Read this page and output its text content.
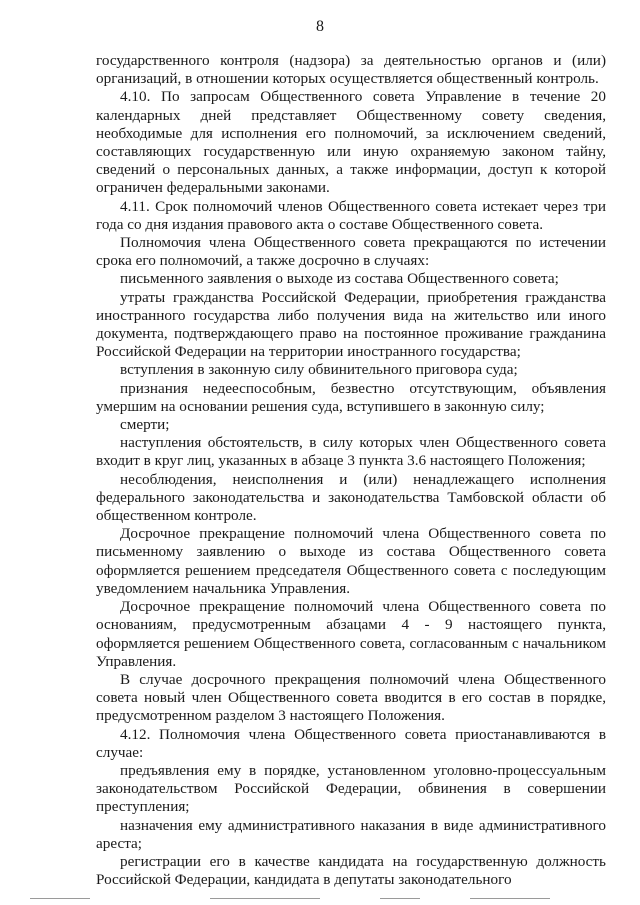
8

государственного контроля (надзора) за деятельностью органов и (или) организаций, в отношении которых осуществляется общественный контроль.

4.10. По запросам Общественного совета Управление в течение 20 календарных дней представляет Общественному совету сведения, необходимые для исполнения его полномочий, за исключением сведений, составляющих государственную или иную охраняемую законом тайну, сведений о персональных данных, а также информации, доступ к которой ограничен федеральными законами.

4.11. Срок полномочий членов Общественного совета истекает через три года со дня издания правового акта о составе Общественного совета.

Полномочия члена Общественного совета прекращаются по истечении срока его полномочий, а также досрочно в случаях:

письменного заявления о выходе из состава Общественного совета;

утраты гражданства Российской Федерации, приобретения гражданства иностранного государства либо получения вида на жительство или иного документа, подтверждающего право на постоянное проживание гражданина Российской Федерации на территории иностранного государства;

вступления в законную силу обвинительного приговора суда;

признания недееспособным, безвестно отсутствующим, объявления умершим на основании решения суда, вступившего в законную силу;

смерти;

наступления обстоятельств, в силу которых член Общественного совета входит в круг лиц, указанных в абзаце 3 пункта 3.6 настоящего Положения;

несоблюдения, неисполнения и (или) ненадлежащего исполнения федерального законодательства и законодательства Тамбовской области об общественном контроле.

Досрочное прекращение полномочий члена Общественного совета по письменному заявлению о выходе из состава Общественного совета оформляется решением председателя Общественного совета с последующим уведомлением начальника Управления.

Досрочное прекращение полномочий члена Общественного совета по основаниям, предусмотренным абзацами 4 - 9 настоящего пункта, оформляется решением Общественного совета, согласованным с начальником Управления.

В случае досрочного прекращения полномочий члена Общественного совета новый член Общественного совета вводится в его состав в порядке, предусмотренном разделом 3 настоящего Положения.

4.12. Полномочия члена Общественного совета приостанавливаются в случае:

предъявления ему в порядке, установленном уголовно-процессуальным законодательством Российской Федерации, обвинения в совершении преступления;

назначения ему административного наказания в виде административного ареста;

регистрации его в качестве кандидата на государственную должность Российской Федерации, кандидата в депутаты законодательного
